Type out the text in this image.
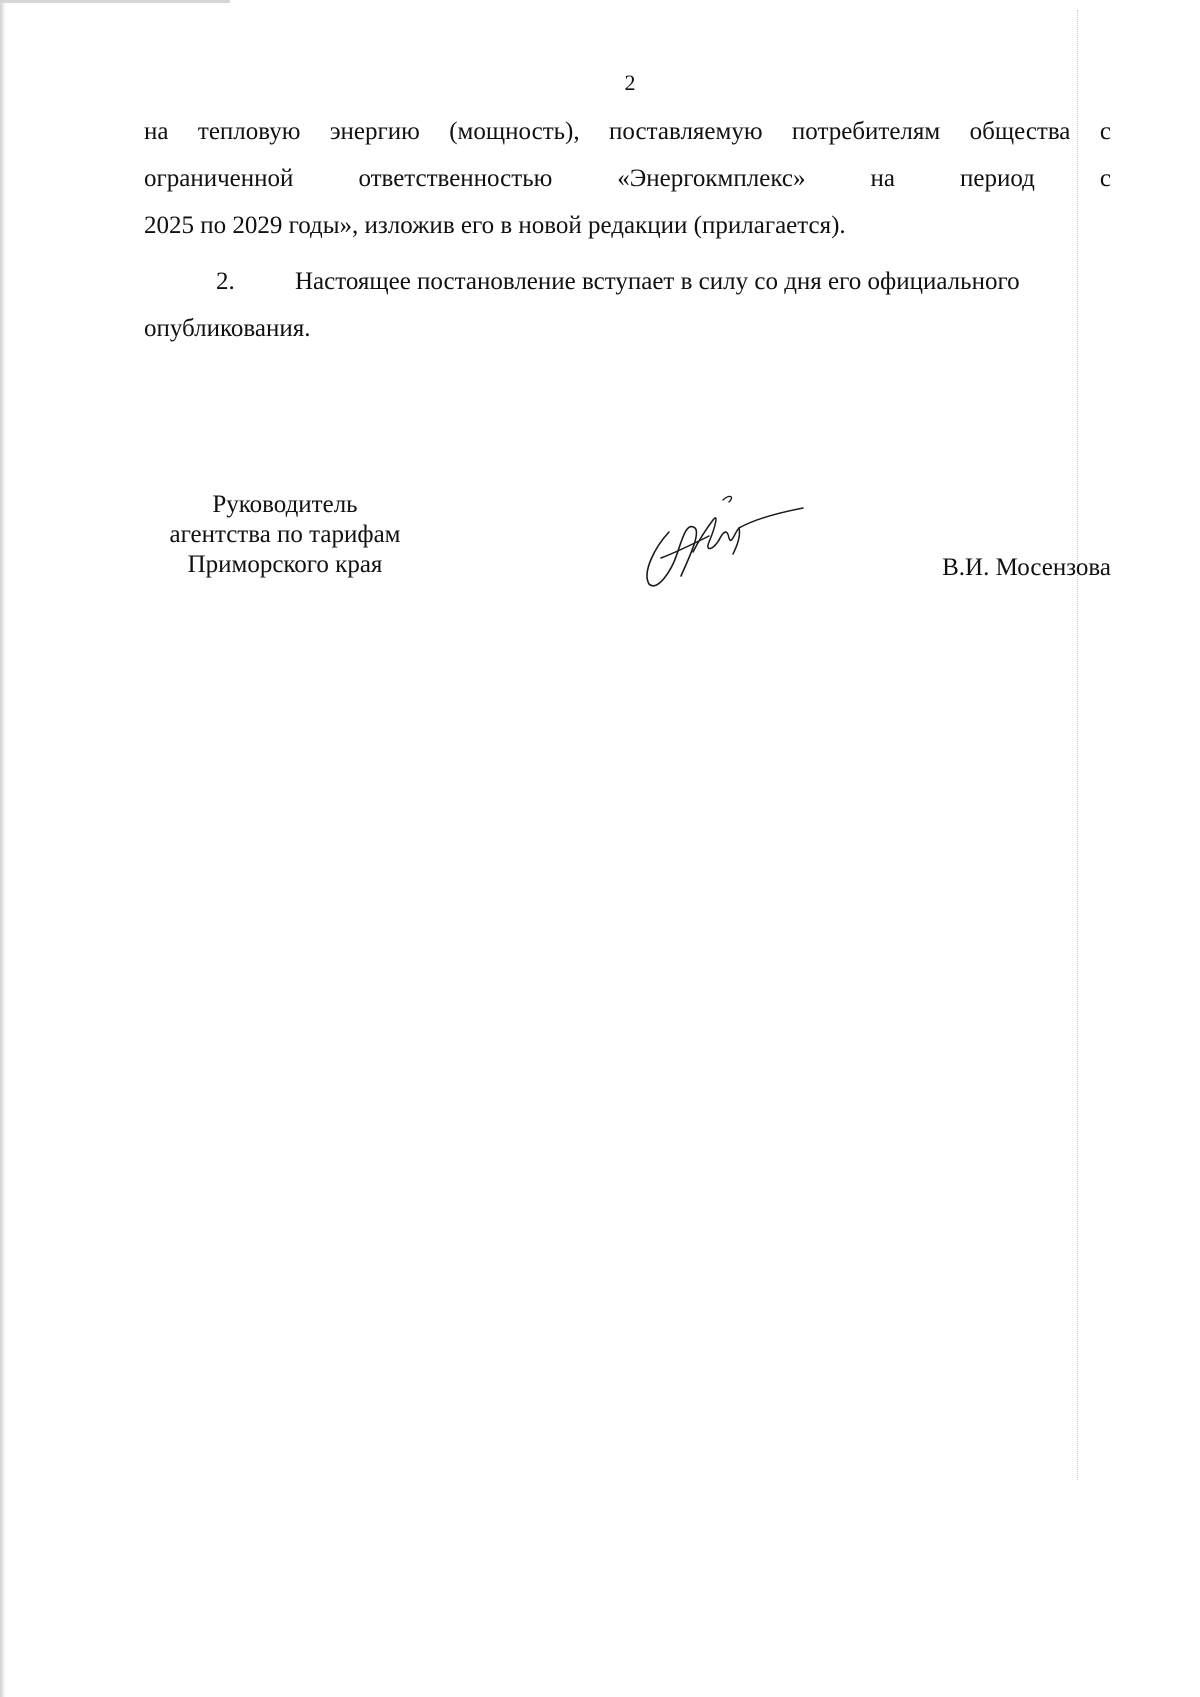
2

на тепловую энергию (мощность), поставляемую потребителям общества с
ограниченной	ответственностью	«Энергокмплекс»	на	период	с
2025 по 2029 годы», изложив его в новой редакции (прилагается).

2. Настоящее постановление вступает в силу со дня его официального
опубликования.

Руководитель
агентства по тарифам
Приморского края	В.И. Мосензова
